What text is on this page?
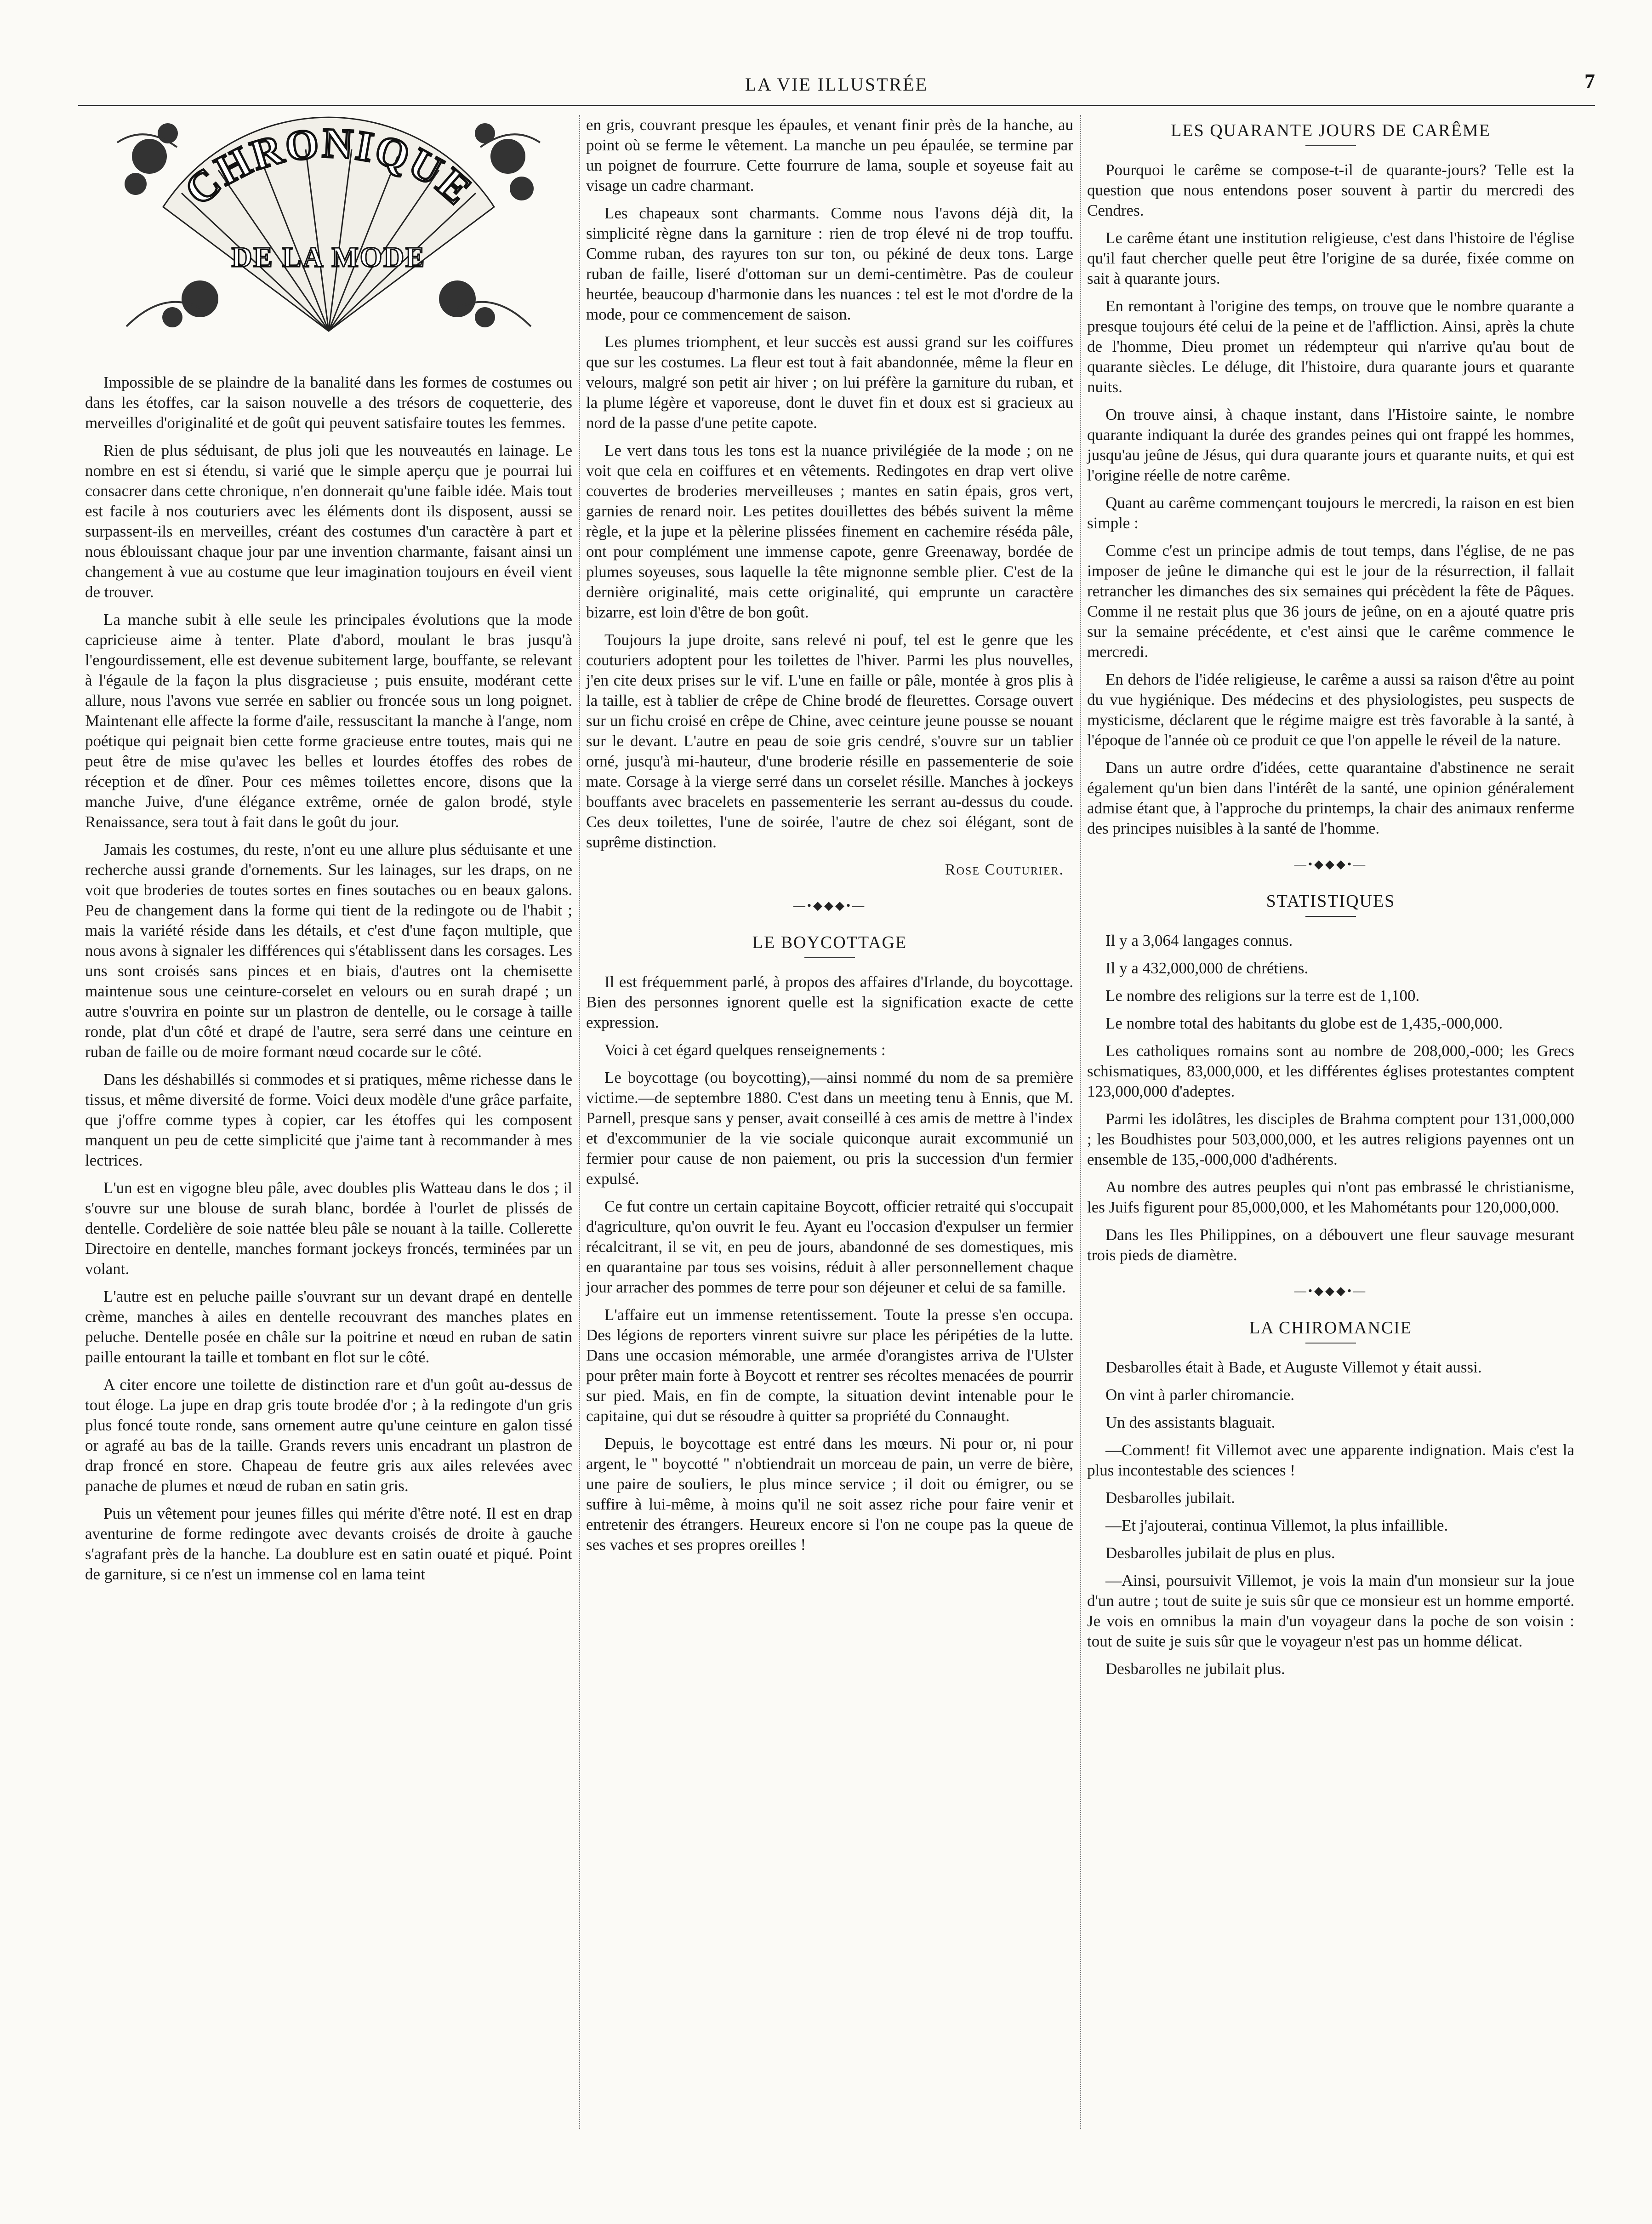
LA VIE ILLUSTRÉE	7
CHRONIQUE
DE LA MODE

Impossible de se plaindre de la banalité dans les formes de costumes ou dans les étoffes, car la saison nouvelle a des trésors de coquetterie, des merveilles d'originalité et de goût qui peuvent satisfaire toutes les femmes.

Rien de plus séduisant, de plus joli que les nouveautés en lainage. Le nombre en est si étendu, si varié que le simple aperçu que je pourrai lui consacrer dans cette chronique, n'en donnerait qu'une faible idée. Mais tout est facile à nos couturiers avec les éléments dont ils disposent, aussi se surpassent-ils en merveilles, créant des costumes d'un caractère à part et nous éblouissant chaque jour par une invention charmante, faisant ainsi un changement à vue au costume que leur imagination toujours en éveil vient de trouver.

La manche subit à elle seule les principales évolutions que la mode capricieuse aime à tenter. Plate d'abord, moulant le bras jusqu'à l'engourdissement, elle est devenue subitement large, bouffante, se relevant à l'égaule de la façon la plus disgracieuse ; puis ensuite, modérant cette allure, nous l'avons vue serrée en sablier ou froncée sous un long poignet. Maintenant elle affecte la forme d'aile, ressuscitant la manche à l'ange, nom poétique qui peignait bien cette forme gracieuse entre toutes, mais qui ne peut être de mise qu'avec les belles et lourdes étoffes des robes de réception et de dîner. Pour ces mêmes toilettes encore, disons que la manche Juive, d'une élégance extrême, ornée de galon brodé, style Renaissance, sera tout à fait dans le goût du jour.

Jamais les costumes, du reste, n'ont eu une allure plus séduisante et une recherche aussi grande d'ornements. Sur les lainages, sur les draps, on ne voit que broderies de toutes sortes en fines soutaches ou en beaux galons. Peu de changement dans la forme qui tient de la redingote ou de l'habit ; mais la variété réside dans les détails, et c'est d'une façon multiple, que nous avons à signaler les différences qui s'établissent dans les corsages. Les uns sont croisés sans pinces et en biais, d'autres ont la chemisette maintenue sous une ceinture-corselet en velours ou en surah drapé ; un autre s'ouvrira en pointe sur un plastron de dentelle, ou le corsage à taille ronde, plat d'un côté et drapé de l'autre, sera serré dans une ceinture en ruban de faille ou de moire formant nœud cocarde sur le côté.

Dans les déshabillés si commodes et si pratiques, même richesse dans le tissus, et même diversité de forme. Voici deux modèle d'une grâce parfaite, que j'offre comme types à copier, car les étoffes qui les composent manquent un peu de cette simplicité que j'aime tant à recommander à mes lectrices.

L'un est en vigogne bleu pâle, avec doubles plis Watteau dans le dos ; il s'ouvre sur une blouse de surah blanc, bordée à l'ourlet de plissés de dentelle. Cordelière de soie nattée bleu pâle se nouant à la taille. Collerette Directoire en dentelle, manches formant jockeys froncés, terminées par un volant.

L'autre est en peluche paille s'ouvrant sur un devant drapé en dentelle crème, manches à ailes en dentelle recouvrant des manches plates en peluche. Dentelle posée en châle sur la poitrine et nœud en ruban de satin paille entourant la taille et tombant en flot sur le côté.

A citer encore une toilette de distinction rare et d'un goût au-dessus de tout éloge. La jupe en drap gris toute brodée d'or ; à la redingote d'un gris plus foncé toute ronde, sans ornement autre qu'une ceinture en galon tissé or agrafé au bas de la taille. Grands revers unis encadrant un plastron de drap froncé en store. Chapeau de feutre gris aux ailes relevées avec panache de plumes et nœud de ruban en satin gris.

Puis un vêtement pour jeunes filles qui mérite d'être noté. Il est en drap aventurine de forme redingote avec devants croisés de droite à gauche s'agrafant près de la hanche. La doublure est en satin ouaté et piqué. Point de garniture, si ce n'est un immense col en lama teint

en gris, couvrant presque les épaules, et venant finir près de la hanche, au point où se ferme le vêtement. La manche un peu épaulée, se termine par un poignet de fourrure. Cette fourrure de lama, souple et soyeuse fait au visage un cadre charmant.

Les chapeaux sont charmants. Comme nous l'avons déjà dit, la simplicité règne dans la garniture : rien de trop élevé ni de trop touffu. Comme ruban, des rayures ton sur ton, ou pékiné de deux tons. Large ruban de faille, liseré d'ottoman sur un demi-centimètre. Pas de couleur heurtée, beaucoup d'harmonie dans les nuances : tel est le mot d'ordre de la mode, pour ce commencement de saison.

Les plumes triomphent, et leur succès est aussi grand sur les coiffures que sur les costumes. La fleur est tout à fait abandonnée, même la fleur en velours, malgré son petit air hiver ; on lui préfère la garniture du ruban, et la plume légère et vaporeuse, dont le duvet fin et doux est si gracieux au nord de la passe d'une petite capote.

Le vert dans tous les tons est la nuance privilégiée de la mode ; on ne voit que cela en coiffures et en vêtements. Redingotes en drap vert olive couvertes de broderies merveilleuses ; mantes en satin épais, gros vert, garnies de renard noir. Les petites douillettes des bébés suivent la même règle, et la jupe et la pèlerine plissées finement en cachemire réséda pâle, ont pour complément une immense capote, genre Greenaway, bordée de plumes soyeuses, sous laquelle la tête mignonne semble plier. C'est de la dernière originalité, mais cette originalité, qui emprunte un caractère bizarre, est loin d'être de bon goût.

Toujours la jupe droite, sans relevé ni pouf, tel est le genre que les couturiers adoptent pour les toilettes de l'hiver. Parmi les plus nouvelles, j'en cite deux prises sur le vif. L'une en faille or pâle, montée à gros plis à la taille, est à tablier de crêpe de Chine brodé de fleurettes. Corsage ouvert sur un fichu croisé en crêpe de Chine, avec ceinture jeune pousse se nouant sur le devant. L'autre en peau de soie gris cendré, s'ouvre sur un tablier orné, jusqu'à mi-hauteur, d'une broderie résille en passementerie de soie mate. Corsage à la vierge serré dans un corselet résille. Manches à jockeys bouffants avec bracelets en passementerie les serrant au-dessus du coude. Ces deux toilettes, l'une de soirée, l'autre de chez soi élégant, sont de suprême distinction.

Rose Couturier.
—•◆◆◆•—
LE BOYCOTTAGE

Il est fréquemment parlé, à propos des affaires d'Irlande, du boycottage. Bien des personnes ignorent quelle est la signification exacte de cette expression.

Voici à cet égard quelques renseignements :

Le boycottage (ou boycotting),—ainsi nommé du nom de sa première victime.—de septembre 1880. C'est dans un meeting tenu à Ennis, que M. Parnell, presque sans y penser, avait conseillé à ces amis de mettre à l'index et d'excommunier de la vie sociale quiconque aurait excommunié un fermier pour cause de non paiement, ou pris la succession d'un fermier expulsé.

Ce fut contre un certain capitaine Boycott, officier retraité qui s'occupait d'agriculture, qu'on ouvrit le feu. Ayant eu l'occasion d'expulser un fermier récalcitrant, il se vit, en peu de jours, abandonné de ses domestiques, mis en quarantaine par tous ses voisins, réduit à aller personnellement chaque jour arracher des pommes de terre pour son déjeuner et celui de sa famille.

L'affaire eut un immense retentissement. Toute la presse s'en occupa. Des légions de reporters vinrent suivre sur place les péripéties de la lutte. Dans une occasion mémorable, une armée d'orangistes arriva de l'Ulster pour prêter main forte à Boycott et rentrer ses récoltes menacées de pourrir sur pied. Mais, en fin de compte, la situation devint intenable pour le capitaine, qui dut se résoudre à quitter sa propriété du Connaught.

Depuis, le boycottage est entré dans les mœurs. Ni pour or, ni pour argent, le " boycotté " n'obtiendrait un morceau de pain, un verre de bière, une paire de souliers, le plus mince service ; il doit ou émigrer, ou se suffire à lui-même, à moins qu'il ne soit assez riche pour faire venir et entretenir des étrangers. Heureux encore si l'on ne coupe pas la queue de ses vaches et ses propres oreilles !

LES QUARANTE JOURS DE CARÊME

Pourquoi le carême se compose-t-il de quarante-jours? Telle est la question que nous entendons poser souvent à partir du mercredi des Cendres.

Le carême étant une institution religieuse, c'est dans l'histoire de l'église qu'il faut chercher quelle peut être l'origine de sa durée, fixée comme on sait à quarante jours.

En remontant à l'origine des temps, on trouve que le nombre quarante a presque toujours été celui de la peine et de l'affliction. Ainsi, après la chute de l'homme, Dieu promet un rédempteur qui n'arrive qu'au bout de quarante siècles. Le déluge, dit l'histoire, dura quarante jours et quarante nuits.

On trouve ainsi, à chaque instant, dans l'Histoire sainte, le nombre quarante indiquant la durée des grandes peines qui ont frappé les hommes, jusqu'au jeûne de Jésus, qui dura quarante jours et quarante nuits, et qui est l'origine réelle de notre carême.

Quant au carême commençant toujours le mercredi, la raison en est bien simple :

Comme c'est un principe admis de tout temps, dans l'église, de ne pas imposer de jeûne le dimanche qui est le jour de la résurrection, il fallait retrancher les dimanches des six semaines qui précèdent la fête de Pâques. Comme il ne restait plus que 36 jours de jeûne, on en a ajouté quatre pris sur la semaine précédente, et c'est ainsi que le carême commence le mercredi.

En dehors de l'idée religieuse, le carême a aussi sa raison d'être au point du vue hygiénique. Des médecins et des physiologistes, peu suspects de mysticisme, déclarent que le régime maigre est très favorable à la santé, à l'époque de l'année où ce produit ce que l'on appelle le réveil de la nature.

Dans un autre ordre d'idées, cette quarantaine d'abstinence ne serait également qu'un bien dans l'intérêt de la santé, une opinion généralement admise étant que, à l'approche du printemps, la chair des animaux renferme des principes nuisibles à la santé de l'homme.

—•◆◆◆•—
STATISTIQUES

Il y a 3,064 langages connus.

Il y a 432,000,000 de chrétiens.

Le nombre des religions sur la terre est de 1,100.

Le nombre total des habitants du globe est de 1,435,-000,000.

Les catholiques romains sont au nombre de 208,000,-000; les Grecs schismatiques, 83,000,000, et les différentes églises protestantes comptent 123,000,000 d'adeptes.

Parmi les idolâtres, les disciples de Brahma comptent pour 131,000,000 ; les Boudhistes pour 503,000,000, et les autres religions payennes ont un ensemble de 135,-000,000 d'adhérents.

Au nombre des autres peuples qui n'ont pas embrassé le christianisme, les Juifs figurent pour 85,000,000, et les Mahométants pour 120,000,000.

Dans les Iles Philippines, on a débouvert une fleur sauvage mesurant trois pieds de diamètre.

—•◆◆◆•—
LA CHIROMANCIE

Desbarolles était à Bade, et Auguste Villemot y était aussi.

On vint à parler chiromancie.

Un des assistants blaguait.

—Comment! fit Villemot avec une apparente indignation. Mais c'est la plus incontestable des sciences !

Desbarolles jubilait.

—Et j'ajouterai, continua Villemot, la plus infaillible.

Desbarolles jubilait de plus en plus.

—Ainsi, poursuivit Villemot, je vois la main d'un monsieur sur la joue d'un autre ; tout de suite je suis sûr que ce monsieur est un homme emporté. Je vois en omnibus la main d'un voyageur dans la poche de son voisin : tout de suite je suis sûr que le voyageur n'est pas un homme délicat.

Desbarolles ne jubilait plus.
